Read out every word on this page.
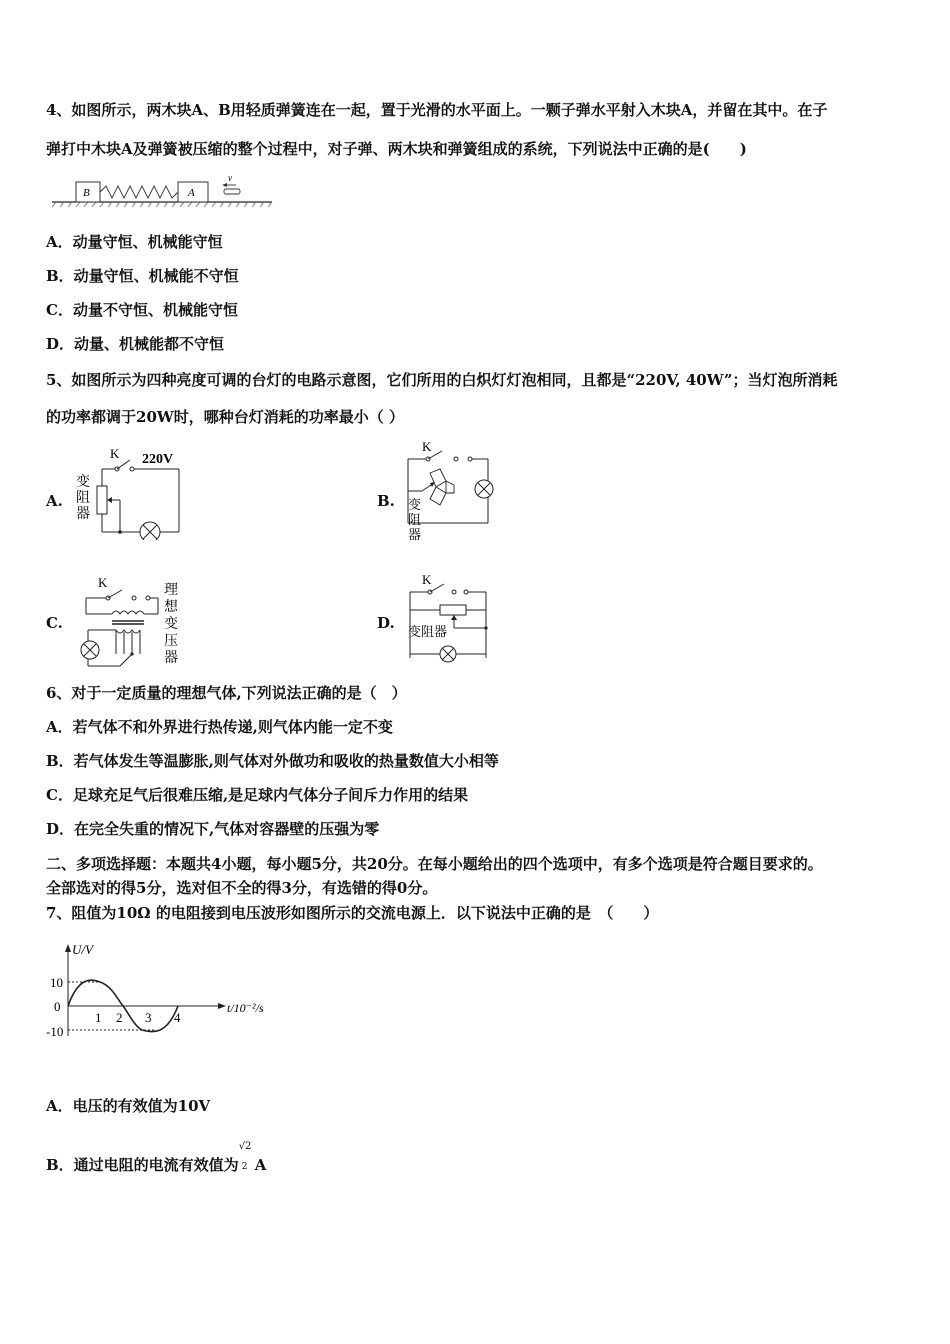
4、如图所示，两木块A、B用轻质弹簧连在一起，置于光滑的水平面上。一颗子弹水平射入木块A，并留在其中。在子
弹打中木块A及弹簧被压缩的整个过程中，对子弹、两木块和弹簧组成的系统，下列说法中正确的是(　　)
B	A
v
A．动量守恒、机械能守恒
B．动量守恒、机械能不守恒
C．动量不守恒、机械能守恒
D．动量、机械能都不守恒
5、如图所示为四种亮度可调的台灯的电路示意图，它们所用的白炽灯灯泡相同，且都是“220V, 40W”；当灯泡所消耗
的功率都调于20W时，哪种台灯消耗的功率最小（ ）
A.
K 220V
变
阻
器
B.
K
变
阻
器
C.
K
理
想
变
压
器
D.
K
变阻器
6、对于一定质量的理想气体,下列说法正确的是（　）
A．若气体不和外界进行热传递,则气体内能一定不变
B．若气体发生等温膨胀,则气体对外做功和吸收的热量数值大小相等
C．足球充足气后很难压缩,是足球内气体分子间斥力作用的结果
D．在完全失重的情况下,气体对容器壁的压强为零
二、多项选择题：本题共4小题，每小题5分，共20分。在每小题给出的四个选项中，有多个选项是符合题目要求的。
全部选对的得5分，选对但不全的得3分，有选错的得0分。
7、阻值为10Ω 的电阻接到电压波形如图所示的交流电源上．以下说法中正确的是　（　　）
U/V
t/10⁻²/s
10
0
-10
1 2 3 4
A．电压的有效值为10V
B．通过电阻的电流有效值为
√2
2 A
